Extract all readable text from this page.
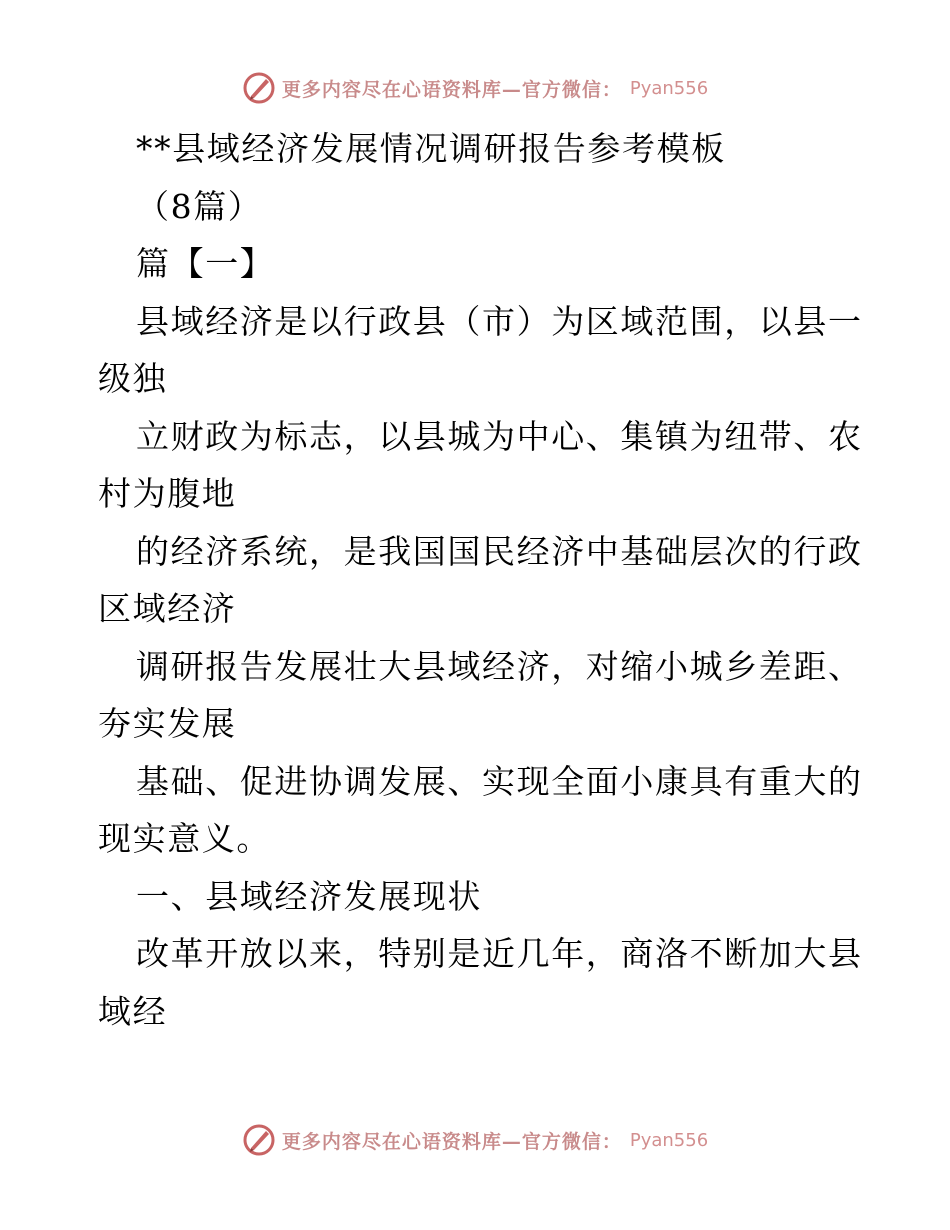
更多内容尽在心语资料库—官方微信： Pyan556
**县域经济发展情况调研报告参考模板
（8篇）
篇【一】
县域经济是以行政县（市）为区域范围，以县一
级独
立财政为标志，以县城为中心、集镇为纽带、农
村为腹地
的经济系统，是我国国民经济中基础层次的行政
区域经济
调研报告发展壮大县域经济，对缩小城乡差距、
夯实发展
基础、促进协调发展、实现全面小康具有重大的
现实意义。
一、县域经济发展现状
改革开放以来，特别是近几年，商洛不断加大县
域经
更多内容尽在心语资料库—官方微信： Pyan556
